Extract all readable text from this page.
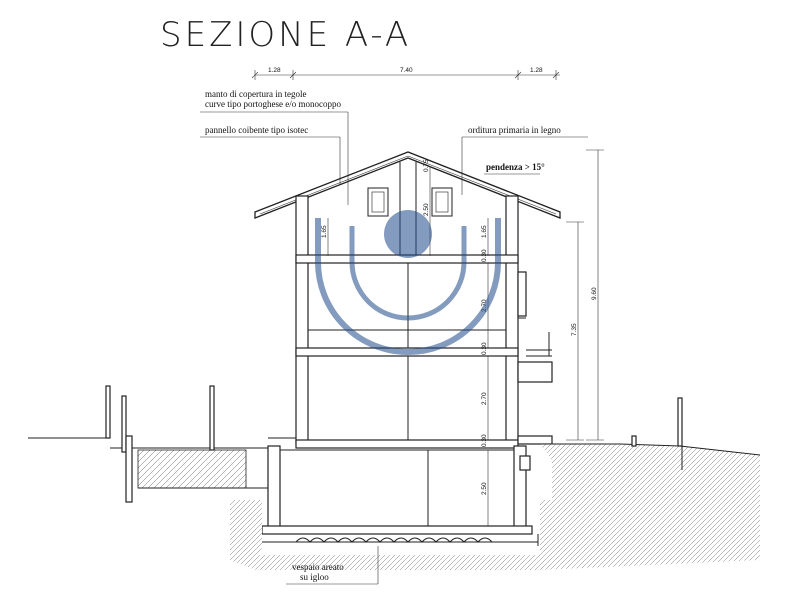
SEZIONE A-A
1.28	7.40	1.28
manto di copertura in tegole
curve tipo portoghese e/o monocoppo
pannello coibente tipo isotec	orditura primaria in legno
pendenza > 15°
1.65
2.50
0.75
1.65
0.30
2.70
0.30
2.70
0.30
2.50
7.35
9.60
vespaio areato
su igloo
